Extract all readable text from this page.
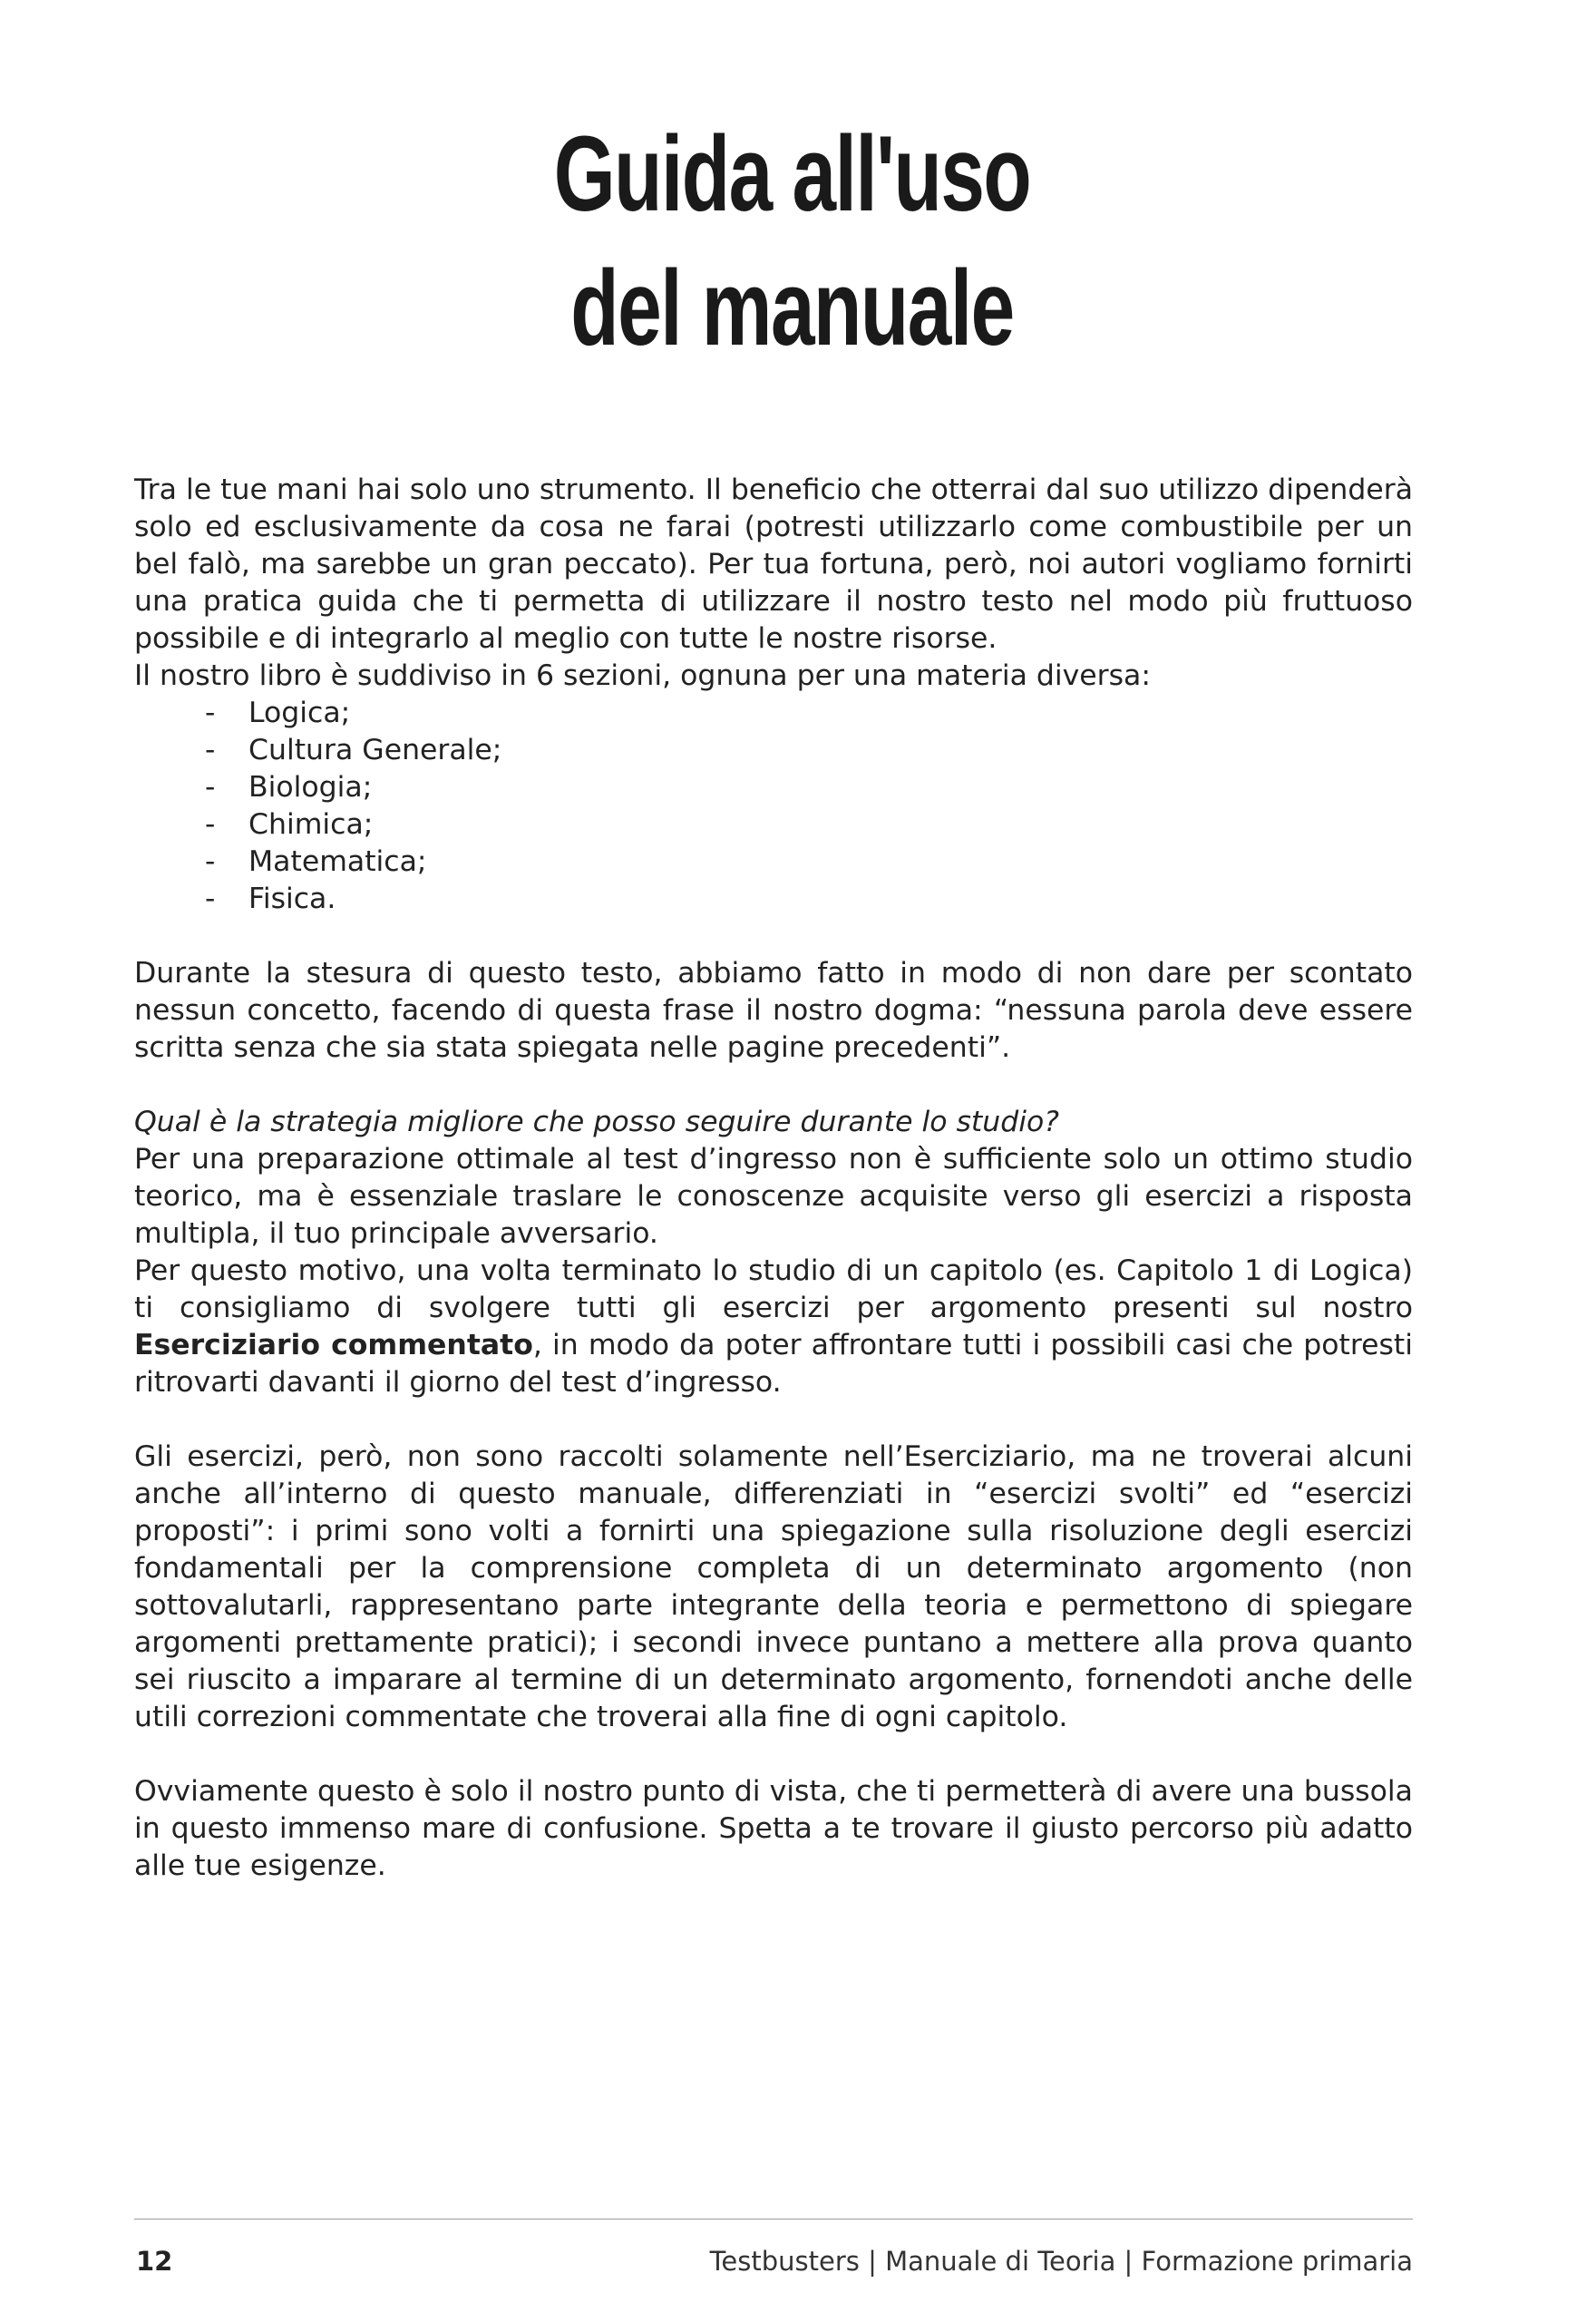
Guida all'uso
del manuale

Tra le tue mani hai solo uno strumento. Il beneficio che otterrai dal suo utilizzo dipenderà solo ed esclusivamente da cosa ne farai (potresti utilizzarlo come combustibile per un bel falò, ma sarebbe un gran peccato). Per tua fortuna, però, noi autori vogliamo fornirti una pratica guida che ti permetta di utilizzare il nostro testo nel modo più fruttuoso possibile e di integrarlo al meglio con tutte le nostre risorse.

Il nostro libro è suddiviso in 6 sezioni, ognuna per una materia diversa:

- Logica;
- Cultura Generale;
- Biologia;
- Chimica;
- Matematica;
- Fisica.

Durante la stesura di questo testo, abbiamo fatto in modo di non dare per scontato nessun concetto, facendo di questa frase il nostro dogma: “nessuna parola deve essere scritta senza che sia stata spiegata nelle pagine precedenti”.

Qual è la strategia migliore che posso seguire durante lo studio?

Per una preparazione ottimale al test d’ingresso non è sufficiente solo un ottimo studio teorico, ma è essenziale traslare le conoscenze acquisite verso gli esercizi a risposta multipla, il tuo principale avversario.

Per questo motivo, una volta terminato lo studio di un capitolo (es. Capitolo 1 di Logica) ti consigliamo di svolgere tutti gli esercizi per argomento presenti sul nostro Eserciziario commentato, in modo da poter affrontare tutti i possibili casi che potresti ritrovarti davanti il giorno del test d’ingresso.

Gli esercizi, però, non sono raccolti solamente nell’Eserciziario, ma ne troverai alcuni anche all’interno di questo manuale, differenziati in “esercizi svolti” ed “esercizi proposti”: i primi sono volti a fornirti una spiegazione sulla risoluzione degli esercizi fondamentali per la comprensione completa di un determinato argomento (non sottovalutarli, rappresentano parte integrante della teoria e permettono di spiegare argomenti prettamente pratici); i secondi invece puntano a mettere alla prova quanto sei riuscito a imparare al termine di un determinato argomento, fornendoti anche delle utili correzioni commentate che troverai alla fine di ogni capitolo.

Ovviamente questo è solo il nostro punto di vista, che ti permetterà di avere una bussola in questo immenso mare di confusione. Spetta a te trovare il giusto percorso più adatto alle tue esigenze.

12	Testbusters | Manuale di Teoria | Formazione primaria
